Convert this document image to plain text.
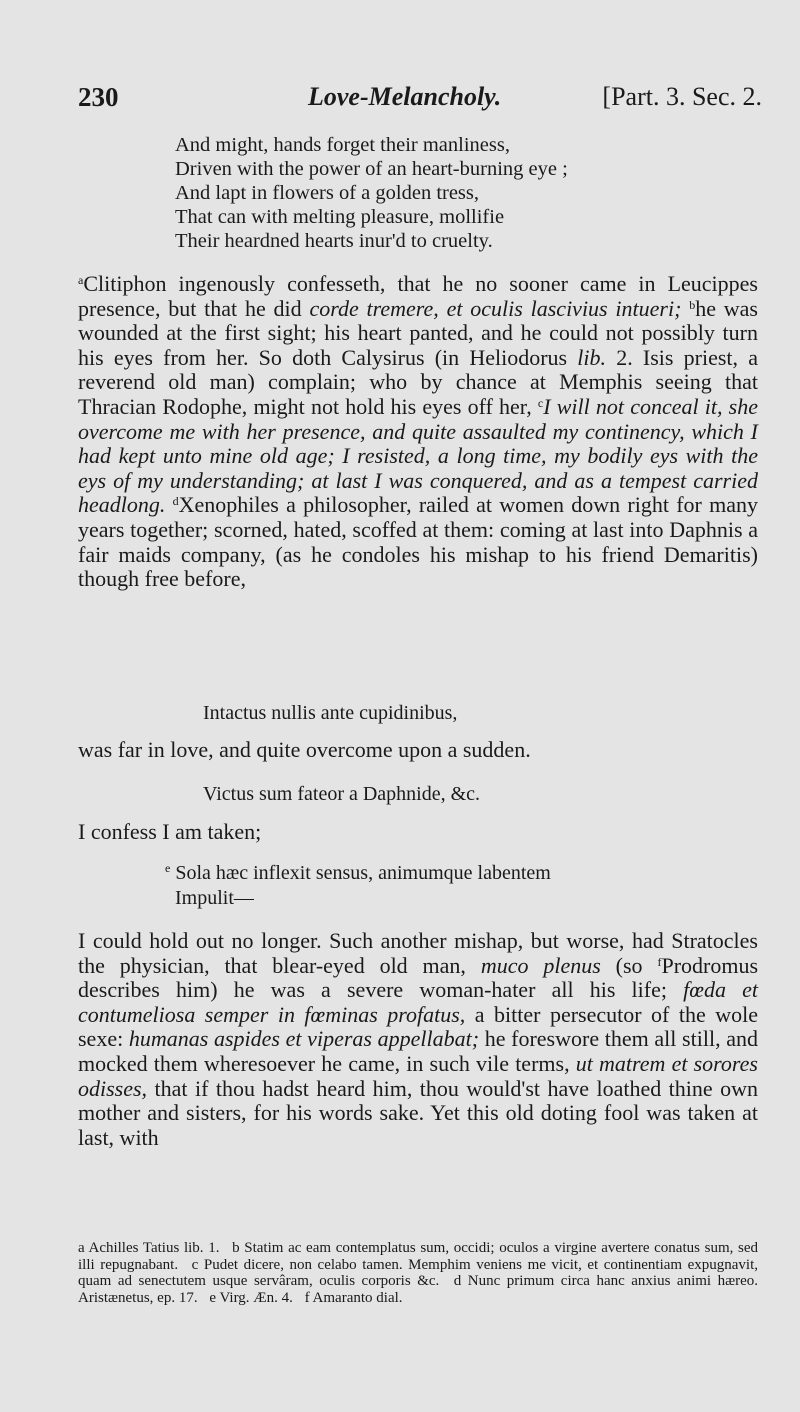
230	Love-Melancholy.	[Part. 3. Sec. 2.
And might, hands forget their manliness,
Driven with the power of an heart-burning eye ;
And lapt in flowers of a golden tress,
That can with melting pleasure, mollifie
Their heardned hearts inur'd to cruelty.
$^a$Clitiphon ingenously confesseth, that he no sooner came in Leucippes presence, but that he did corde tremere, et oculis lascivius intueri; $^b$he was wounded at the first sight; his heart panted, and he could not possibly turn his eyes from her. So doth Calysirus (in Heliodorus lib. 2. Isis priest, a reverend old man) complain; who by chance at Memphis seeing that Thracian Rodophe, might not hold his eyes off her, $^c$I will not conceal it, she overcome me with her presence, and quite assaulted my continency, which I had kept unto mine old age; I resisted, a long time, my bodily eys with the eys of my understanding; at last I was conquered, and as a tempest carried headlong. $^d$Xenophiles a philosopher, railed at women down right for many years together; scorned, hated, scoffed at them: coming at last into Daphnis a fair maids company, (as he condoles his mishap to his friend Demaritis) though free before,
Intactus nullis ante cupidinibus,
was far in love, and quite overcome upon a sudden.
Victus sum fateor a Daphnide, &c.
I confess I am taken;
$^e$ Sola hæc inflexit sensus, animumque labentem
Impulit—
I could hold out no longer. Such another mishap, but worse, had Stratocles the physician, that blear-eyed old man, muco plenus (so $^f$Prodromus describes him) he was a severe woman-hater all his life; fœda et contumeliosa semper in fœminas profatus, a bitter persecutor of the wole sexe: humanas aspides et viperas appellabat; he foreswore them all still, and mocked them wheresoever he came, in such vile terms, ut matrem et sorores odisses, that if thou hadst heard him, thou would'st have loathed thine own mother and sisters, for his words sake. Yet this old doting fool was taken at last, with
a Achilles Tatius lib. 1. b Statim ac eam contemplatus sum, occidi; oculos a virgine avertere conatus sum, sed illi repugnabant. c Pudet dicere, non celabo tamen. Memphim veniens me vicit, et continentiam expugnavit, quam ad senectutem usque servâram, oculis corporis &c. d Nunc primum circa hanc anxius animi hæreo. Aristænetus, ep. 17. e Virg. Æn. 4. f Amaranto dial.
